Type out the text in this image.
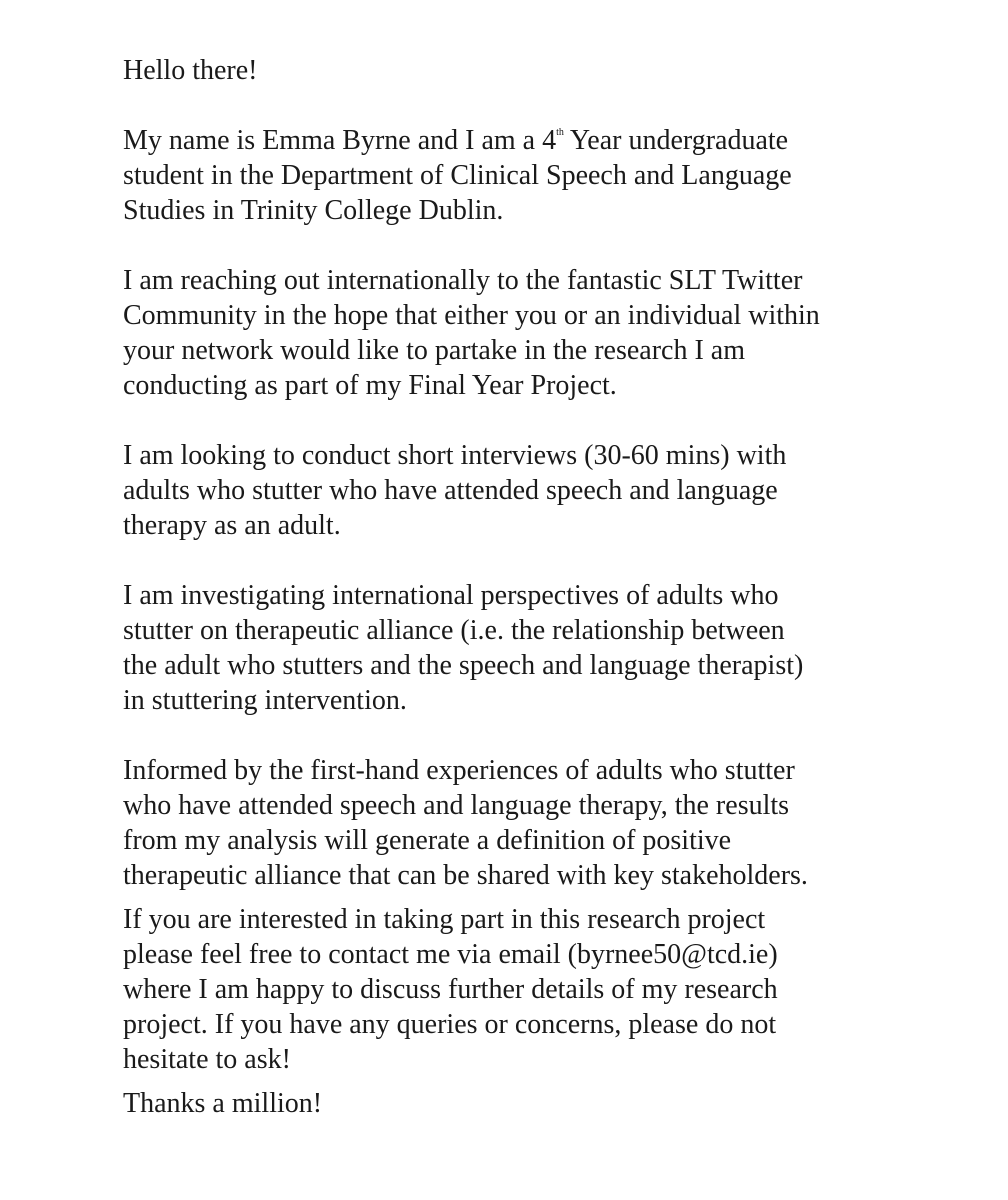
Hello there!

My name is Emma Byrne and I am a 4th Year undergraduate

student in the Department of Clinical Speech and Language

Studies in Trinity College Dublin.

I am reaching out internationally to the fantastic SLT Twitter

Community in the hope that either you or an individual within

your network would like to partake in the research I am

conducting as part of my Final Year Project.

I am looking to conduct short interviews (30-60 mins) with

adults who stutter who have attended speech and language

therapy as an adult.

I am investigating international perspectives of adults who

stutter on therapeutic alliance (i.e. the relationship between

the adult who stutters and the speech and language therapist)

in stuttering intervention.

Informed by the first-hand experiences of adults who stutter

who have attended speech and language therapy, the results

from my analysis will generate a definition of positive

therapeutic alliance that can be shared with key stakeholders.

If you are interested in taking part in this research project

please feel free to contact me via email (byrnee50@tcd.ie)

where I am happy to discuss further details of my research

project. If you have any queries or concerns, please do not

hesitate to ask!

Thanks a million!
